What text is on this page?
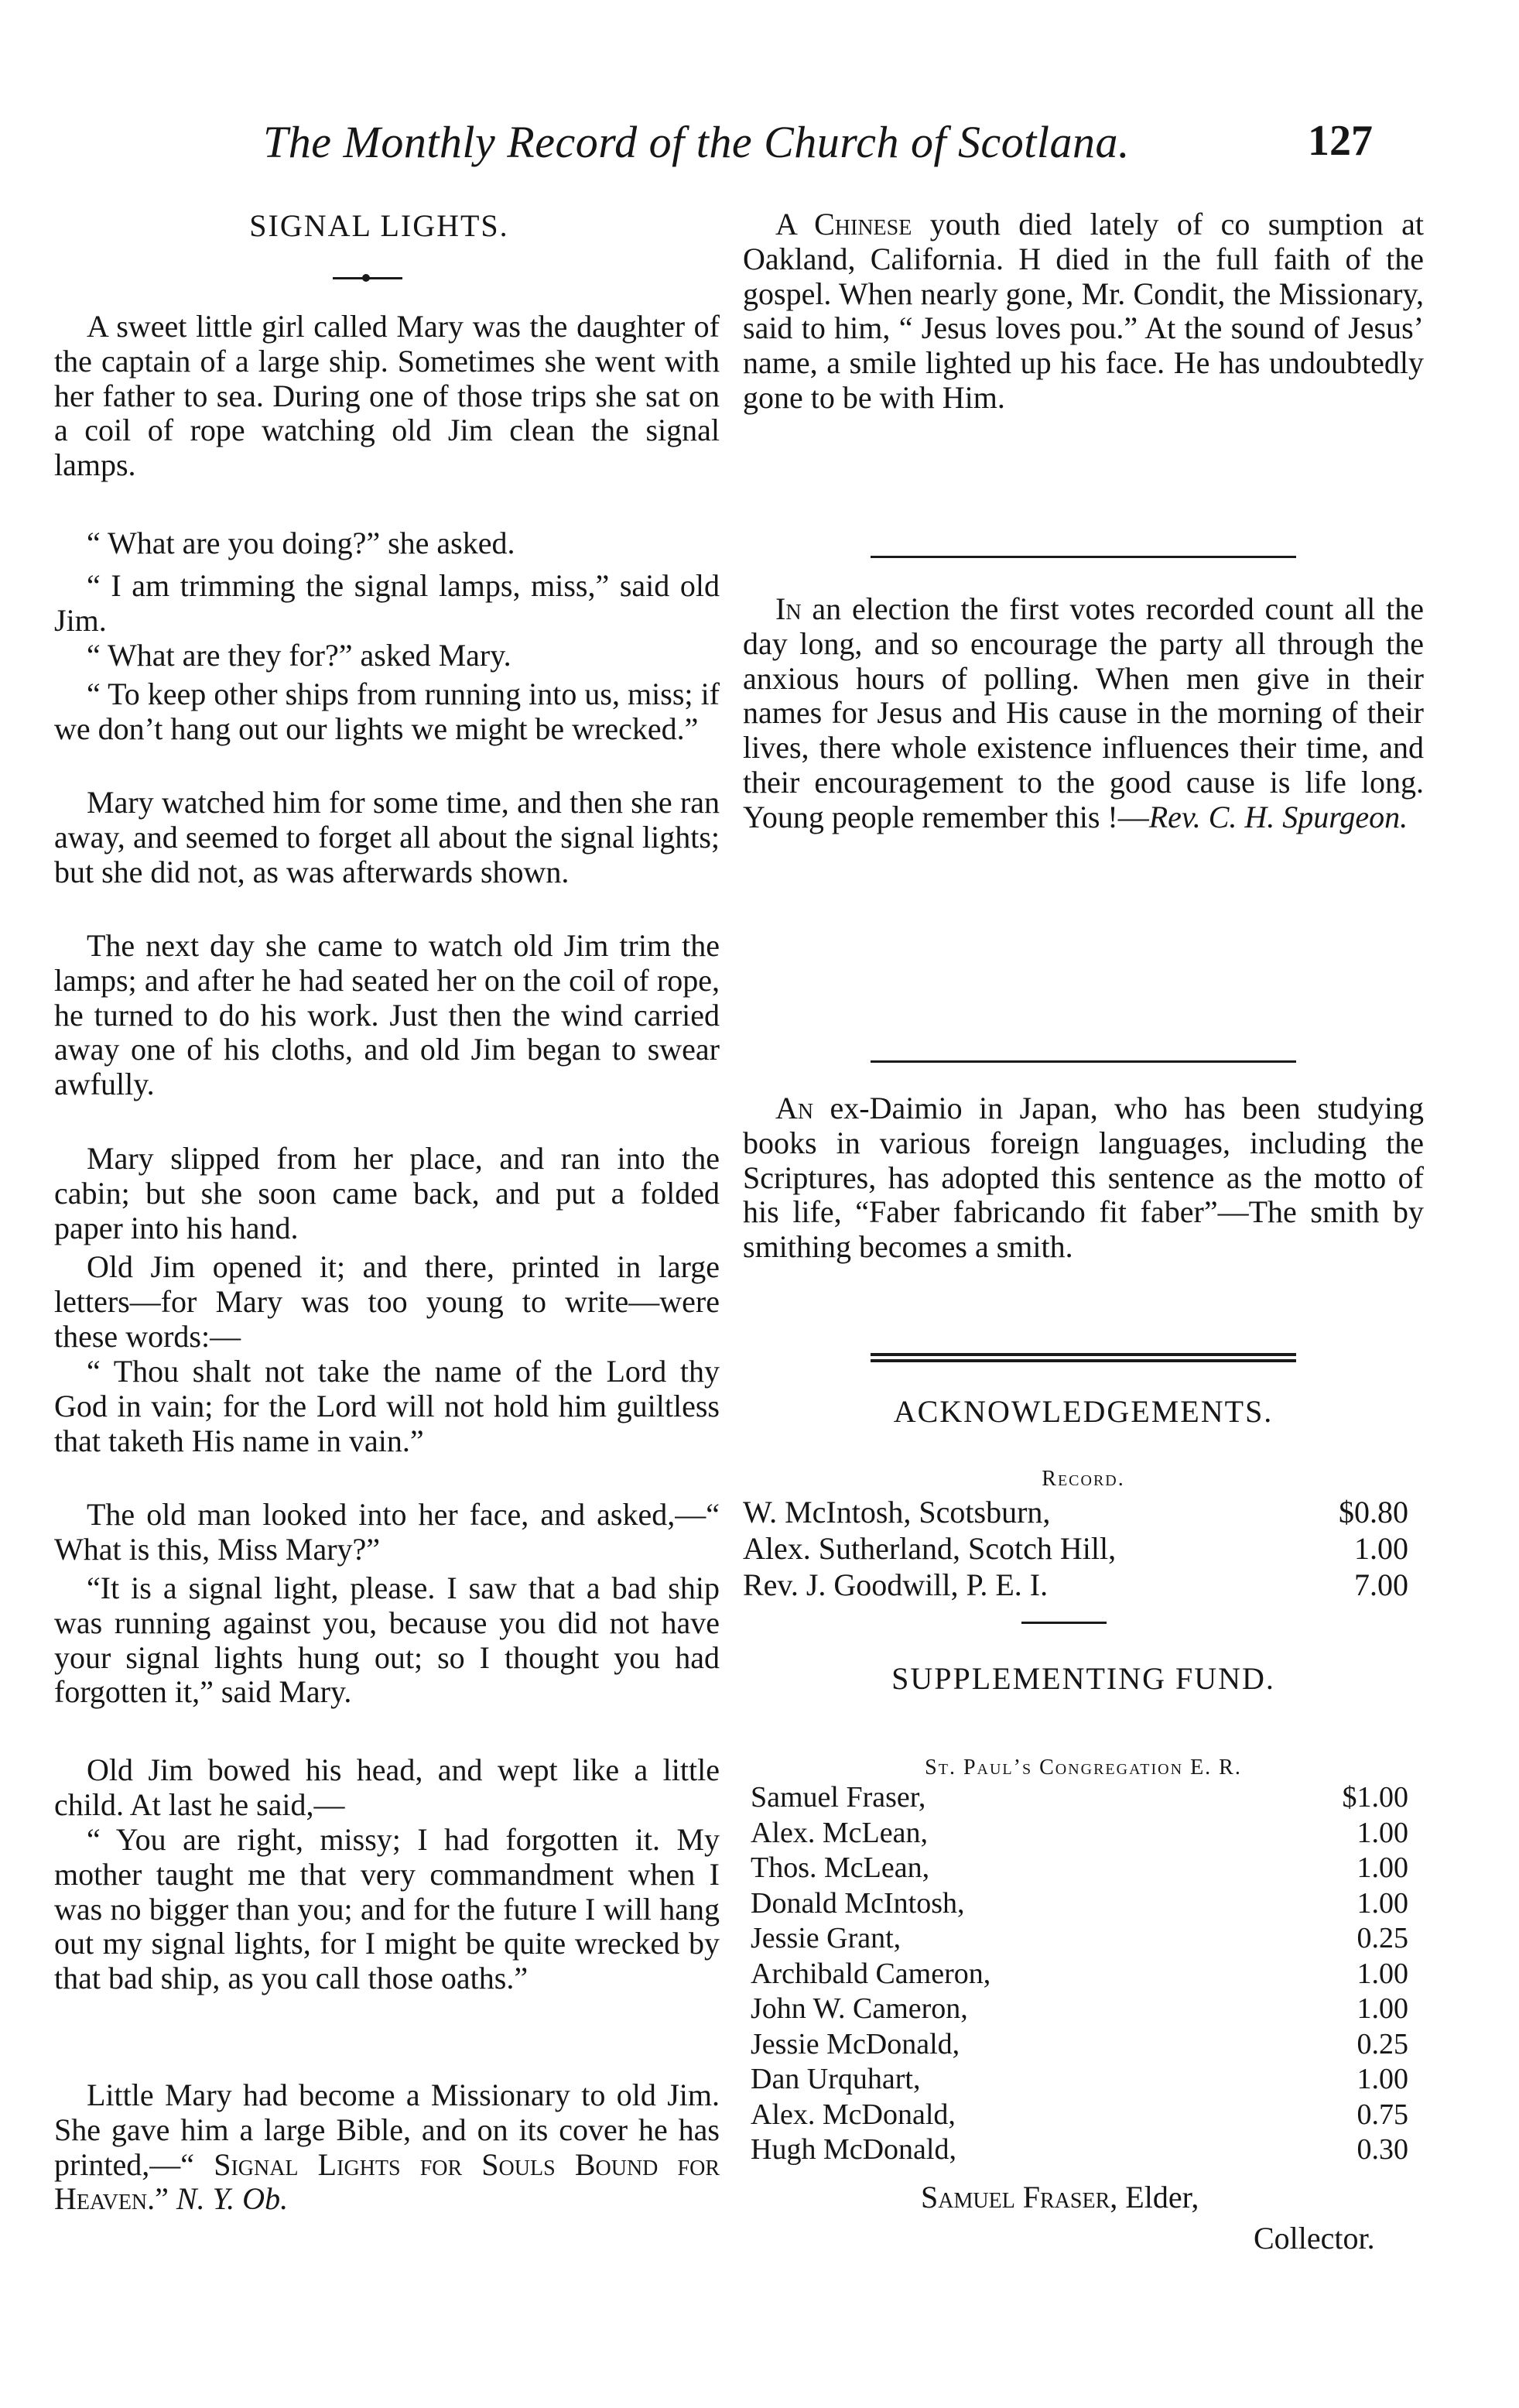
The Monthly Record of the Church of Scotlana.	127
SIGNAL LIGHTS.

A sweet little girl called Mary was the daughter of the captain of a large ship. Sometimes she went with her father to sea. During one of those trips she sat on a coil of rope watching old Jim clean the signal lamps.

“ What are you doing?” she asked.

“ I am trimming the signal lamps, miss,” said old Jim.

“ What are they for?” asked Mary.

“ To keep other ships from running into us, miss; if we don’t hang out our lights we might be wrecked.”

Mary watched him for some time, and then she ran away, and seemed to forget all about the signal lights; but she did not, as was afterwards shown.

The next day she came to watch old Jim trim the lamps; and after he had seated her on the coil of rope, he turned to do his work. Just then the wind carried away one of his cloths, and old Jim began to swear awfully.

Mary slipped from her place, and ran into the cabin; but she soon came back, and put a folded paper into his hand.

Old Jim opened it; and there, printed in large letters—for Mary was too young to write—were these words:—

“ Thou shalt not take the name of the Lord thy God in vain; for the Lord will not hold him guiltless that taketh His name in vain.”

The old man looked into her face, and asked,—“ What is this, Miss Mary?”

“It is a signal light, please. I saw that a bad ship was running against you, because you did not have your signal lights hung out; so I thought you had forgotten it,” said Mary.

Old Jim bowed his head, and wept like a little child. At last he said,—

“ You are right, missy; I had forgotten it. My mother taught me that very commandment when I was no bigger than you; and for the future I will hang out my signal lights, for I might be quite wrecked by that bad ship, as you call those oaths.”

Little Mary had become a Missionary to old Jim. She gave him a large Bible, and on its cover he has printed,—“ Signal Lights for Souls Bound for Heaven.” N. Y. Ob.

A Chinese youth died lately of co sumption at Oakland, California. H died in the full faith of the gospel. When nearly gone, Mr. Condit, the Missionary, said to him, “ Jesus loves pou.” At the sound of Jesus’ name, a smile lighted up his face. He has undoubtedly gone to be with Him.

In an election the first votes recorded count all the day long, and so encourage the party all through the anxious hours of polling. When men give in their names for Jesus and His cause in the morning of their lives, there whole existence influences their time, and their encouragement to the good cause is life long. Young people remember this !—Rev. C. H. Spurgeon.

An ex-Daimio in Japan, who has been studying books in various foreign languages, including the Scriptures, has adopted this sentence as the motto of his life, “Faber fabricando fit faber”—The smith by smithing becomes a smith.

ACKNOWLEDGEMENTS.
Record.
W. McIntosh, Scotsburn,	$0.80
Alex. Sutherland, Scotch Hill,	1.00
Rev. J. Goodwill, P. E. I.	7.00
SUPPLEMENTING FUND.
St. Paul’s Congregation E. R.
Samuel Fraser,	$1.00
Alex. McLean,	1.00
Thos. McLean,	1.00
Donald McIntosh,	1.00
Jessie Grant,	0.25
Archibald Cameron,	1.00
John W. Cameron,	1.00
Jessie McDonald,	0.25
Dan Urquhart,	1.00
Alex. McDonald,	0.75
Hugh McDonald,	0.30
Samuel Fraser, Elder,
Collector.
